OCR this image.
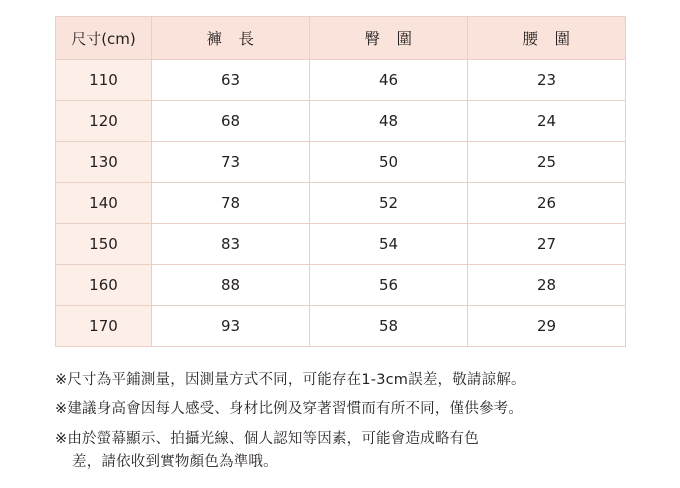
尺寸(cm)	褲　長	臀　圍	腰　圍
110	63	46	23
120	68	48	24
130	73	50	25
140	78	52	26
150	83	54	27
160	88	56	28
170	93	58	29
※尺寸為平鋪測量，因測量方式不同，可能存在1-3cm誤差，敬請諒解。
※建議身高會因每人感受、身材比例及穿著習慣而有所不同，僅供參考。
※由於螢幕顯示、拍攝光線、個人認知等因素，可能會造成略有色
差，請依收到實物顏色為準哦。
